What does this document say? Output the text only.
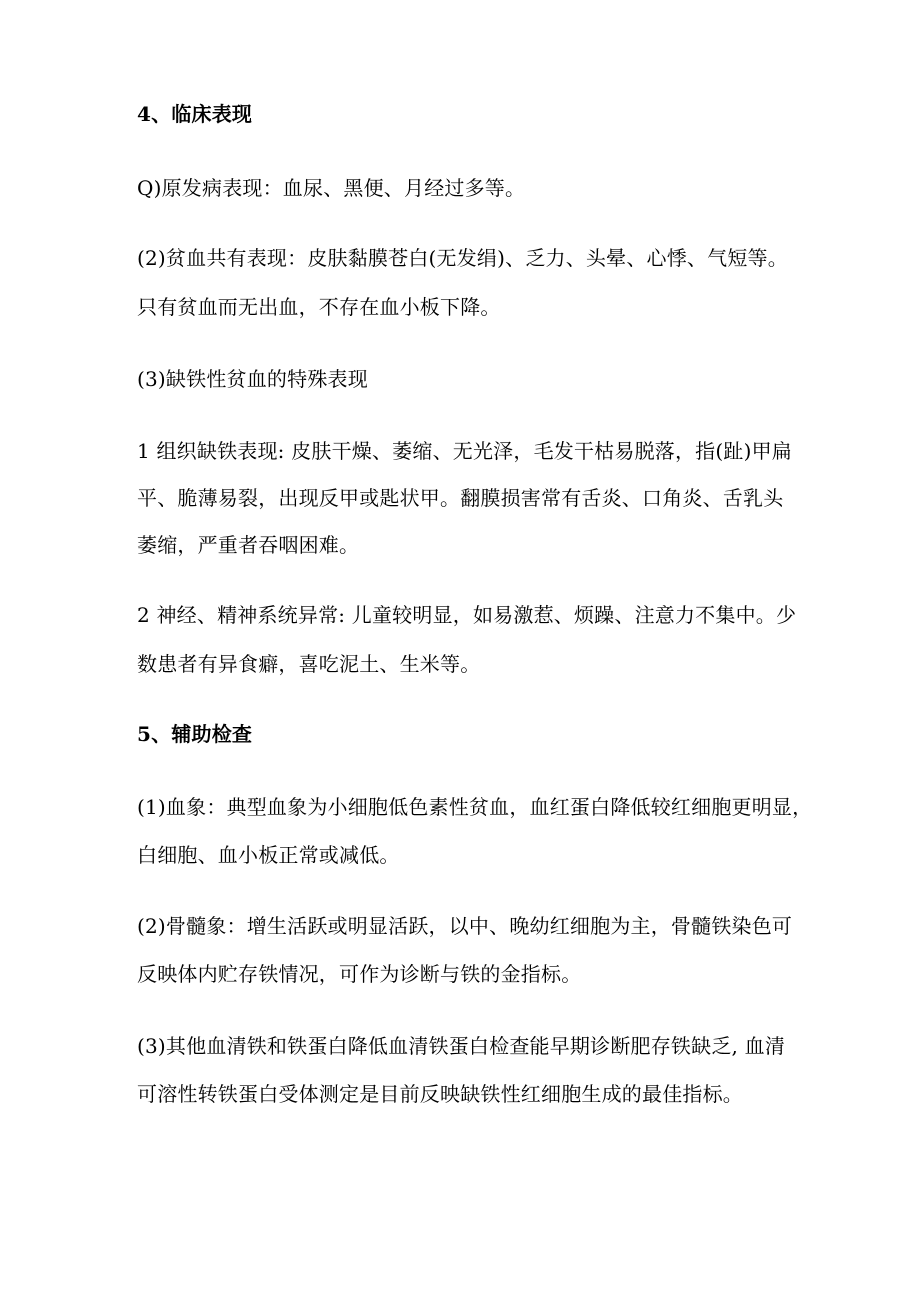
4、临床表现
Q)原发病表现：血尿、黑便、月经过多等。
(2)贫血共有表现：皮肤黏膜苍白(无发绢)、乏力、头晕、心悸、气短等。
只有贫血而无出血，不存在血小板下降。
(3)缺铁性贫血的特殊表现
1 组织缺铁表现: 皮肤干燥、萎缩、无光泽，毛发干枯易脱落，指(趾)甲扁
平、脆薄易裂，出现反甲或匙状甲。翻膜损害常有舌炎、口角炎、舌乳头
萎缩，严重者吞咽困难。
2 神经、精神系统异常: 儿童较明显，如易激惹、烦躁、注意力不集中。少
数患者有异食癖，喜吃泥土、生米等。
5、辅助检查
(1)血象：典型血象为小细胞低色素性贫血，血红蛋白降低较红细胞更明显，
白细胞、血小板正常或减低。
(2)骨髓象：增生活跃或明显活跃，以中、晚幼红细胞为主，骨髓铁染色可
反映体内贮存铁情况，可作为诊断与铁的金指标。
(3)其他血清铁和铁蛋白降低血清铁蛋白检查能早期诊断肥存铁缺乏, 血清
可溶性转铁蛋白受体测定是目前反映缺铁性红细胞生成的最佳指标。
